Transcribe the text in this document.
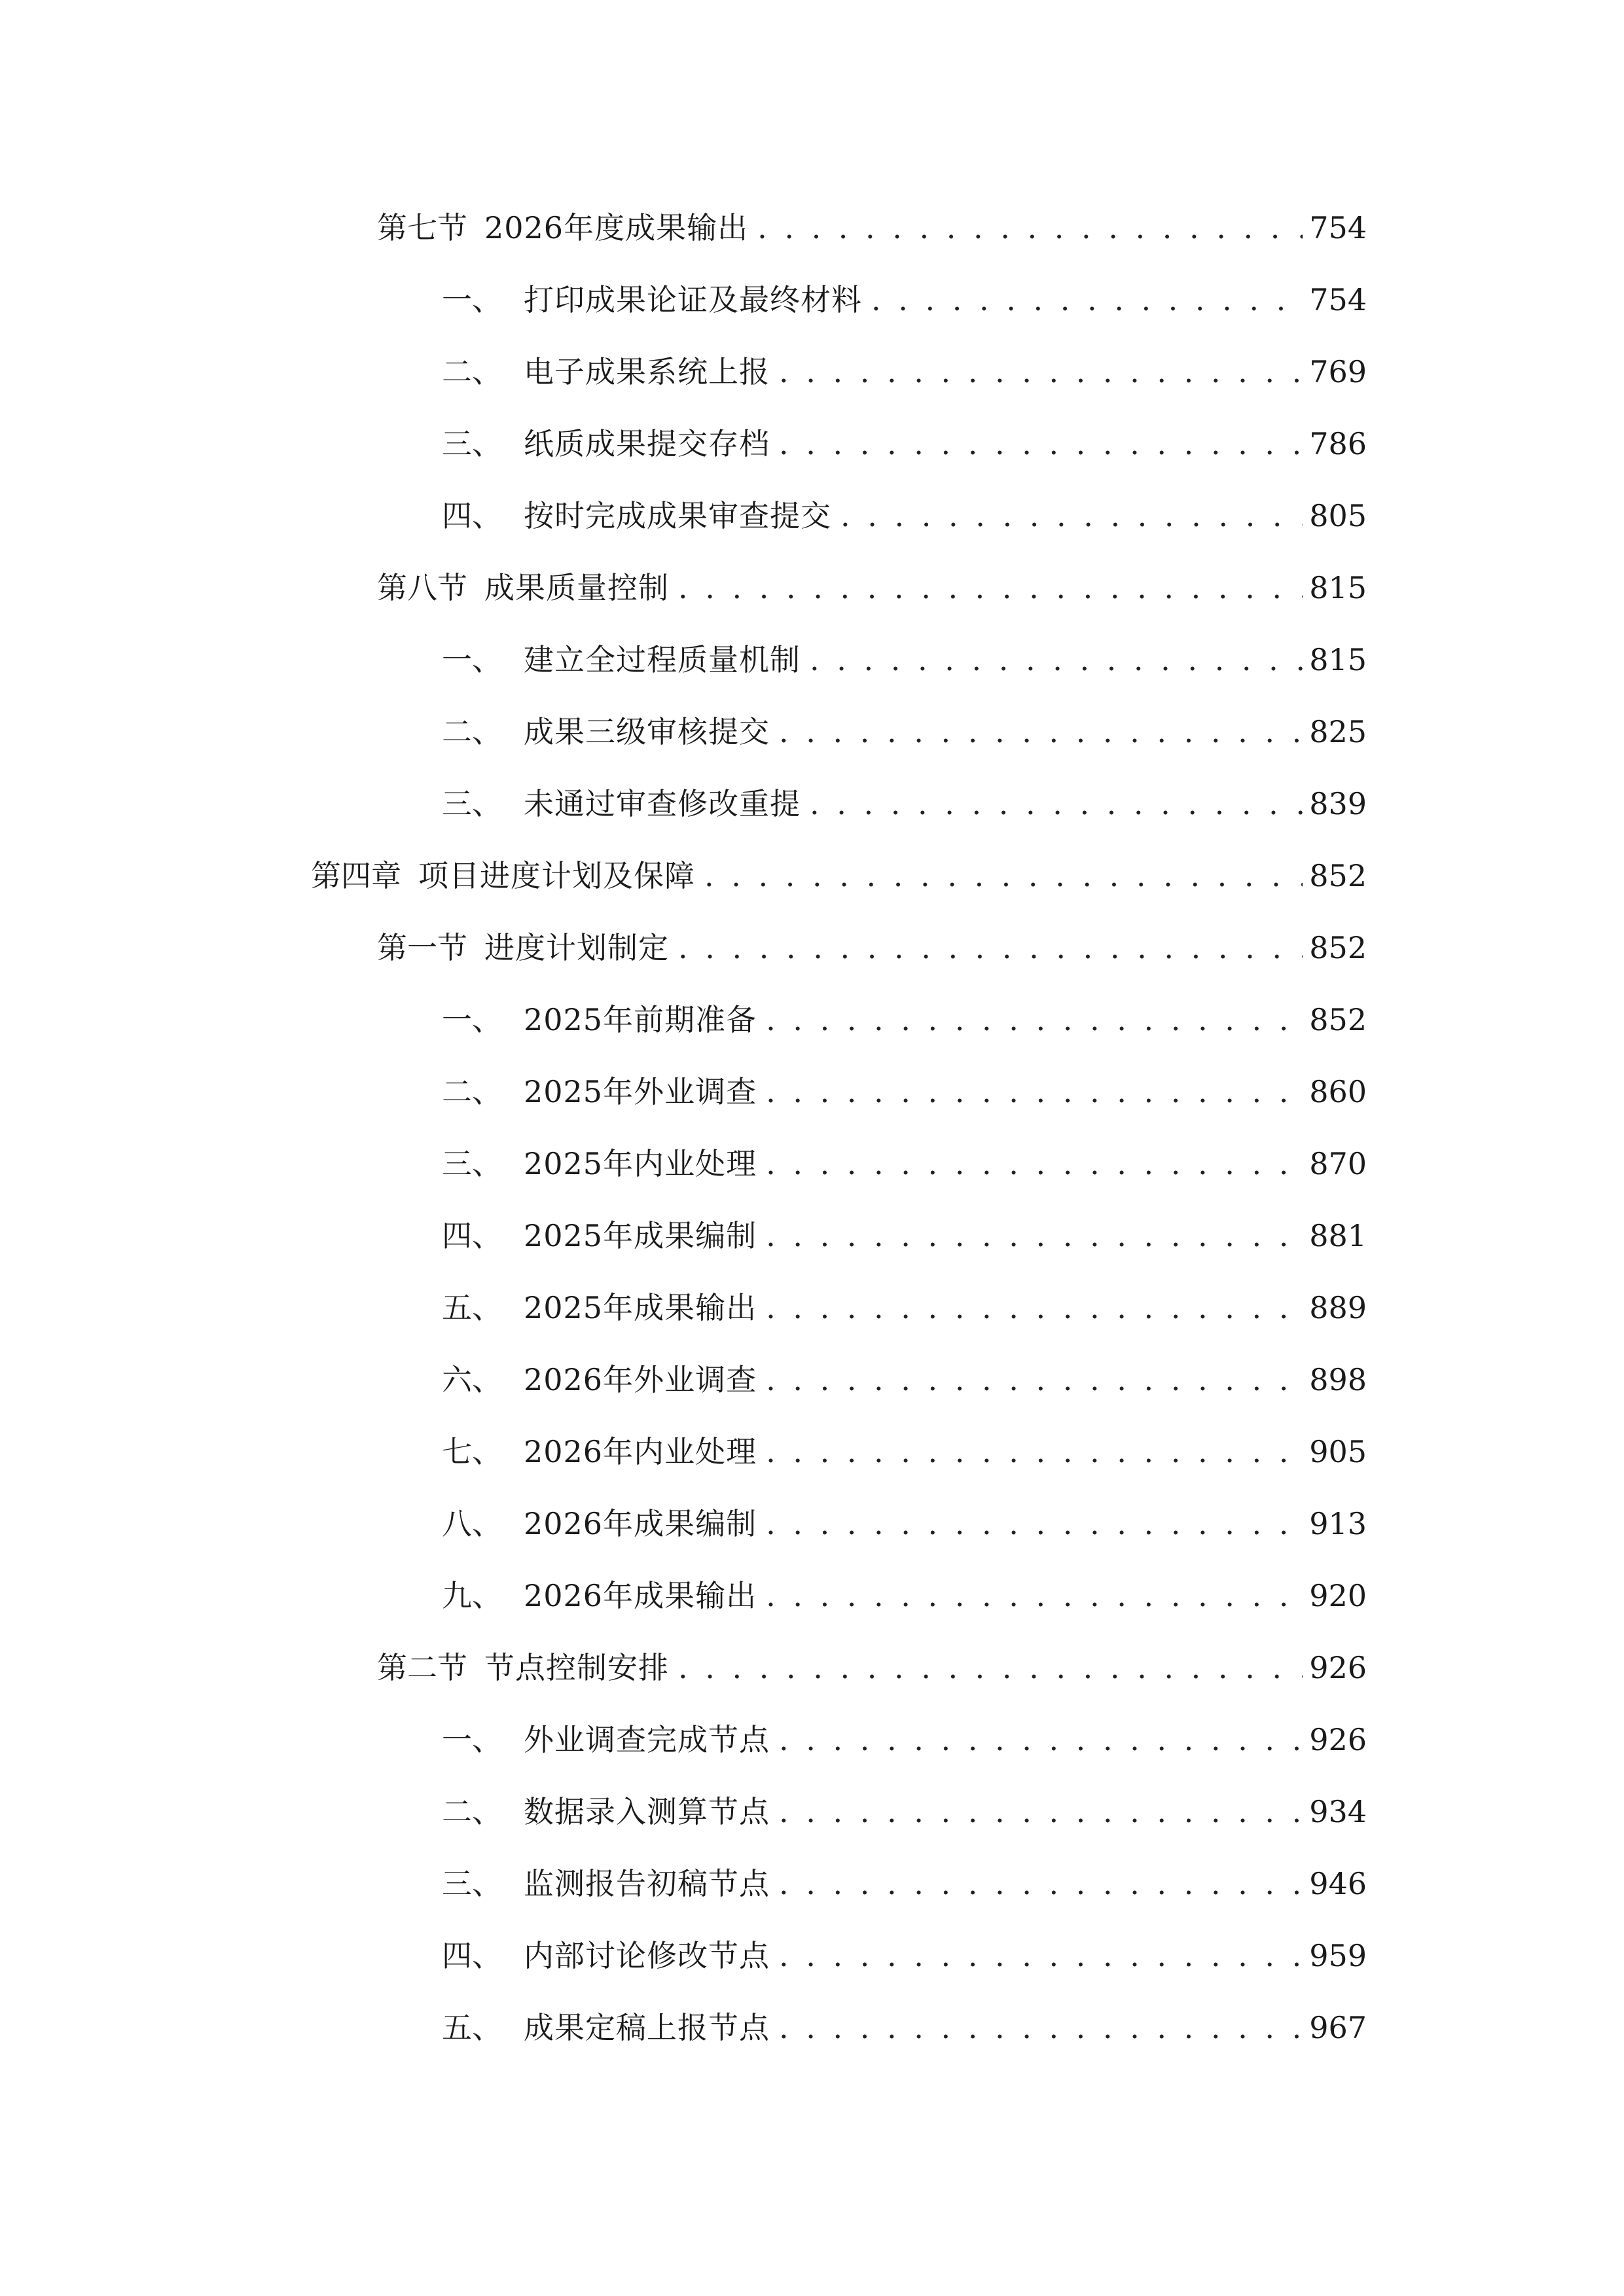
第七节 2026年度成果输出 . . .	754
一、 打印成果论证及最终材料 . . .	754
二、 电子成果系统上报 . . .	769
三、 纸质成果提交存档 . . .	786
四、 按时完成成果审查提交 . . .	805
第八节 成果质量控制 . . .	815
一、 建立全过程质量机制 . . .	815
二、 成果三级审核提交 . . .	825
三、 未通过审查修改重提 . . .	839
第四章 项目进度计划及保障 . . .	852
第一节 进度计划制定 . . .	852
一、 2025年前期准备 . . .	852
二、 2025年外业调查 . . .	860
三、 2025年内业处理 . . .	870
四、 2025年成果编制 . . .	881
五、 2025年成果输出 . . .	889
六、 2026年外业调查 . . .	898
七、 2026年内业处理 . . .	905
八、 2026年成果编制 . . .	913
九、 2026年成果输出 . . .	920
第二节 节点控制安排 . . .	926
一、 外业调查完成节点 . . .	926
二、 数据录入测算节点 . . .	934
三、 监测报告初稿节点 . . .	946
四、 内部讨论修改节点 . . .	959
五、 成果定稿上报节点 . . .	967
